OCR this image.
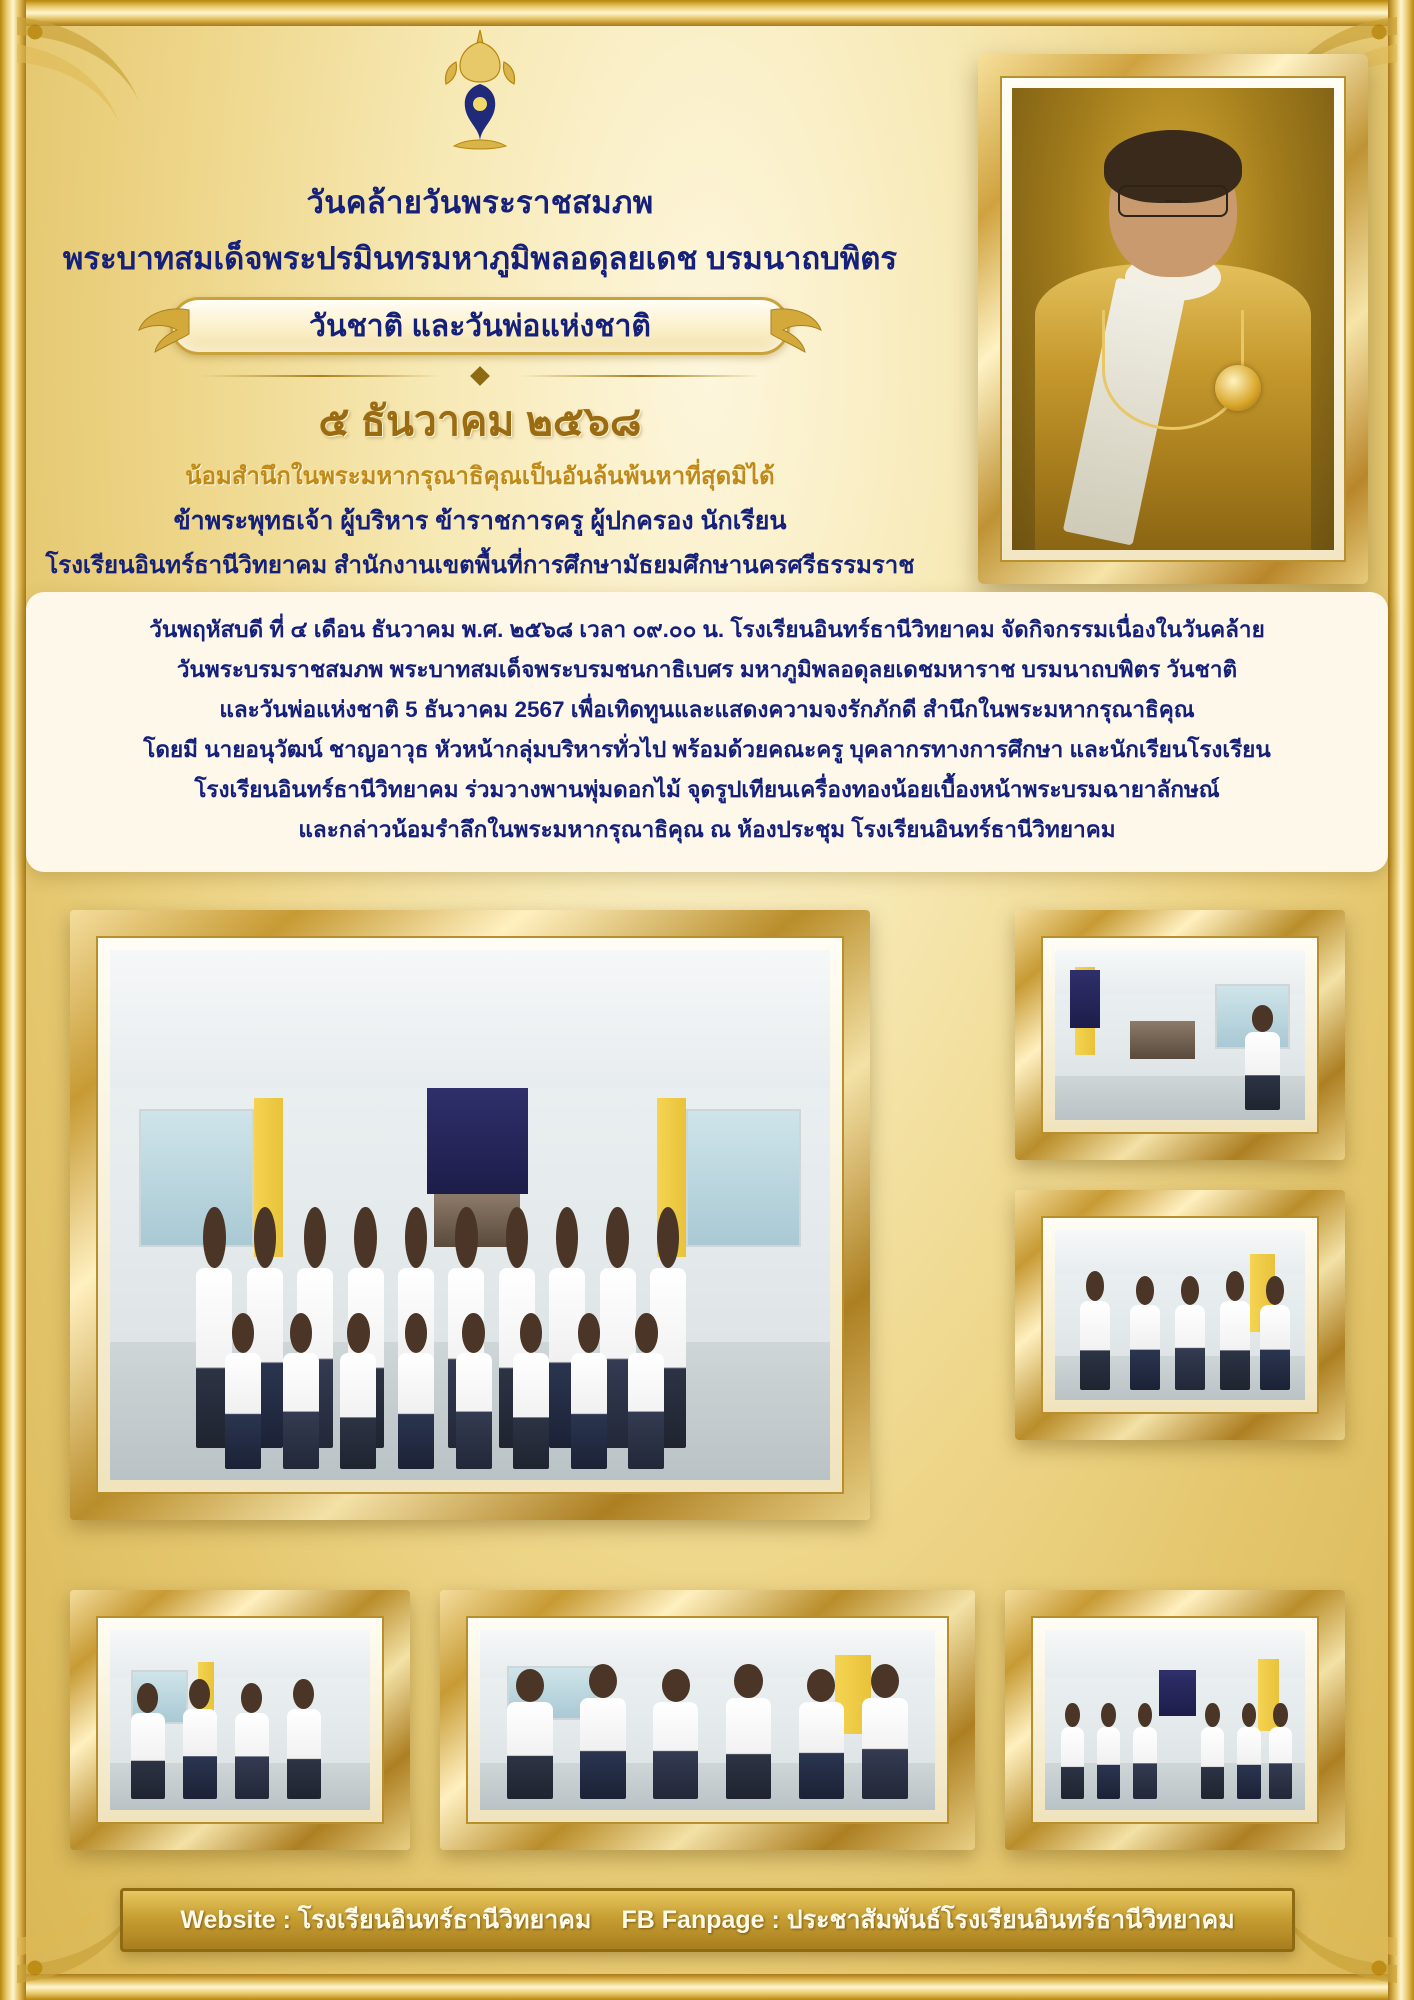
วันคล้ายวันพระราชสมภพ
พระบาทสมเด็จพระปรมินทรมหาภูมิพลอดุลยเดช บรมนาถบพิตร
วันชาติ และวันพ่อแห่งชาติ
๕ ธันวาคม ๒๕๖๘
น้อมสำนึกในพระมหากรุณาธิคุณเป็นอันล้นพ้นหาที่สุดมิได้
ข้าพระพุทธเจ้า ผู้บริหาร ข้าราชการครู ผู้ปกครอง นักเรียน
โรงเรียนอินทร์ธานีวิทยาคม สำนักงานเขตพื้นที่การศึกษามัธยมศึกษานครศรีธรรมราช

วันพฤหัสบดี ที่ ๔ เดือน ธันวาคม พ.ศ. ๒๕๖๘ เวลา ๐๙.๐๐ น. โรงเรียนอินทร์ธานีวิทยาคม จัดกิจกรรมเนื่องในวันคล้าย

วันพระบรมราชสมภพ พระบาทสมเด็จพระบรมชนกาธิเบศร มหาภูมิพลอดุลยเดชมหาราช บรมนาถบพิตร วันชาติ

และวันพ่อแห่งชาติ 5 ธันวาคม 2567 เพื่อเทิดทูนและแสดงความจงรักภักดี สำนึกในพระมหากรุณาธิคุณ

โดยมี นายอนุวัฒน์ ชาญอาวุธ หัวหน้ากลุ่มบริหารทั่วไป พร้อมด้วยคณะครู บุคลากรทางการศึกษา และนักเรียนโรงเรียน

โรงเรียนอินทร์ธานีวิทยาคม ร่วมวางพานพุ่มดอกไม้ จุดรูปเทียนเครื่องทองน้อยเบื้องหน้าพระบรมฉายาลักษณ์

และกล่าวน้อมรำลึกในพระมหากรุณาธิคุณ ณ ห้องประชุม โรงเรียนอินทร์ธานีวิทยาคม

Website : โรงเรียนอินทร์ธานีวิทยาคม FB Fanpage : ประชาสัมพันธ์โรงเรียนอินทร์ธานีวิทยาคม
